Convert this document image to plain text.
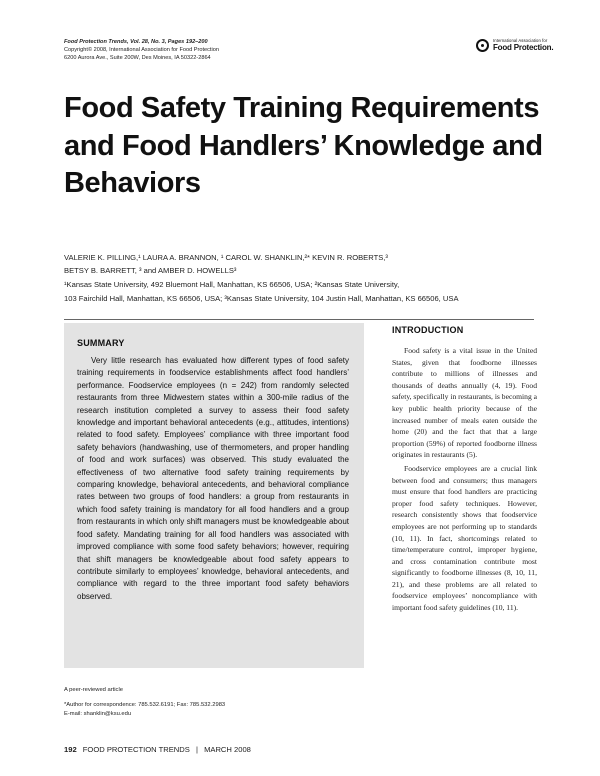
Food Protection Trends, Vol. 28, No. 3, Pages 192–200
Copyright© 2008, International Association for Food Protection
6200 Aurora Ave., Suite 200W, Des Moines, IA 50322-2864
International Association for
Food Protection.
Food Safety Training Requirements and Food Handlers’ Knowledge and Behaviors
VALERIE K. PILLING,¹ LAURA A. BRANNON, ¹ CAROL W. SHANKLIN,²* KEVIN R. ROBERTS,³
BETSY B. BARRETT, ³ and AMBER D. HOWELLS³
¹Kansas State University, 492 Bluemont Hall, Manhattan, KS 66506, USA; ²Kansas State University,
103 Fairchild Hall, Manhattan, KS 66506, USA; ³Kansas State University, 104 Justin Hall, Manhattan, KS 66506, USA
SUMMARY
Very little research has evaluated how different types of food safety training requirements in foodservice establishments affect food handlers’ performance. Foodservice employees (n = 242) from randomly selected restaurants from three Midwestern states within a 300-mile radius of the research institution completed a survey to assess their food safety knowledge and important behavioral antecedents (e.g., attitudes, intentions) related to food safety. Employees’ compliance with three important food safety behaviors (handwashing, use of thermometers, and proper handling of food and work surfaces) was observed. This study evaluated the effectiveness of two alternative food safety training requirements by comparing knowledge, behavioral antecedents, and behavioral compliance rates between two groups of food handlers: a group from restaurants in which food safety training is mandatory for all food handlers and a group from restaurants in which only shift managers must be knowledgeable about food safety. Mandating training for all food handlers was associated with improved compliance with some food safety behaviors; however, requiring that shift managers be knowledgeable about food safety appears to contribute similarly to employees’ knowledge, behavioral antecedents, and compliance with regard to the three important food safety behaviors observed.
INTRODUCTION

Food safety is a vital issue in the United States, given that foodborne illnesses contribute to millions of illnesses and thousands of deaths annually (4, 19). Food safety, specifically in restaurants, is becoming a key public health priority because of the increased number of meals eaten outside the home (20) and the fact that that a large proportion (59%) of reported foodborne illness originates in restaurants (5).

Foodservice employees are a crucial link between food and consumers; thus managers must ensure that food handlers are practicing proper food safety techniques. However, research consistently shows that foodservice employees are not performing up to standards (10, 11). In fact, shortcomings related to time/temperature control, improper hygiene, and cross contamination contribute most significantly to foodborne illnesses (8, 10, 11, 21), and these problems are all related to foodservice employees’ noncompliance with important food safety guidelines (10, 11).

A peer-reviewed article
*Author for correspondence: 785.532.6191; Fax: 785.532.2983
E-mail: shanklin@ksu.edu
192 FOOD PROTECTION TRENDS | MARCH 2008
